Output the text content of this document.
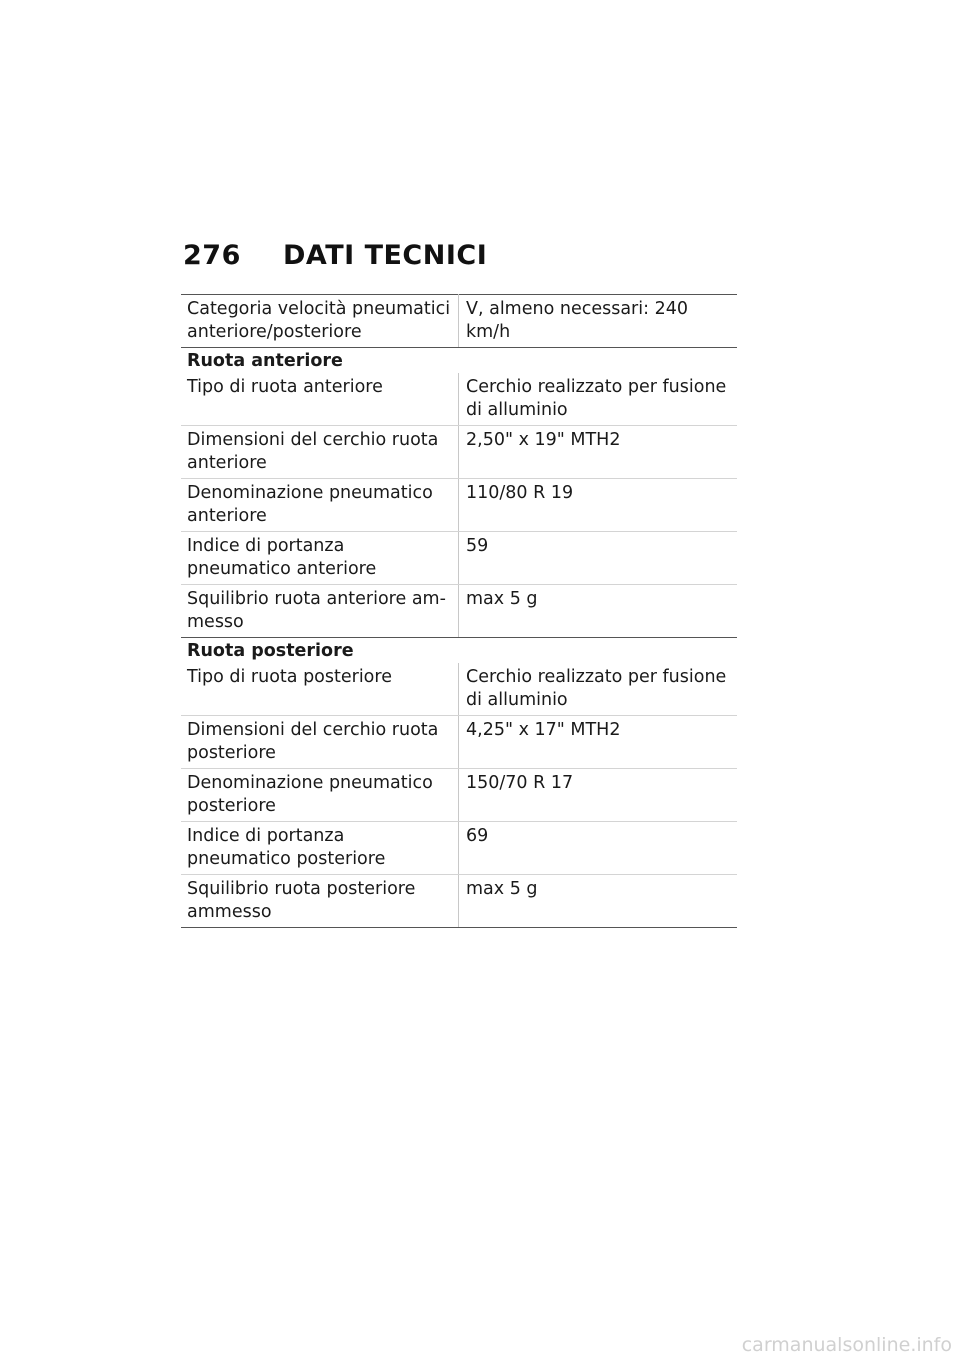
276	DATI TECNICI
Categoria velocità pneumatici anteriore/posteriore	V, almeno necessari: 240 km/h
Ruota anteriore	
Tipo di ruota anteriore	Cerchio realizzato per fusione di alluminio
Dimensioni del cerchio ruota anteriore	2,50" x 19" MTH2
Denominazione pneumatico anteriore	110/80 R 19
Indice di portanza pneumatico anteriore	59
Squilibrio ruota anteriore ammesso	max 5 g
Ruota posteriore	
Tipo di ruota posteriore	Cerchio realizzato per fusione di alluminio
Dimensioni del cerchio ruota posteriore	4,25" x 17" MTH2
Denominazione pneumatico posteriore	150/70 R 17
Indice di portanza pneumatico posteriore	69
Squilibrio ruota posteriore ammesso	max 5 g
carmanualsonline.info
